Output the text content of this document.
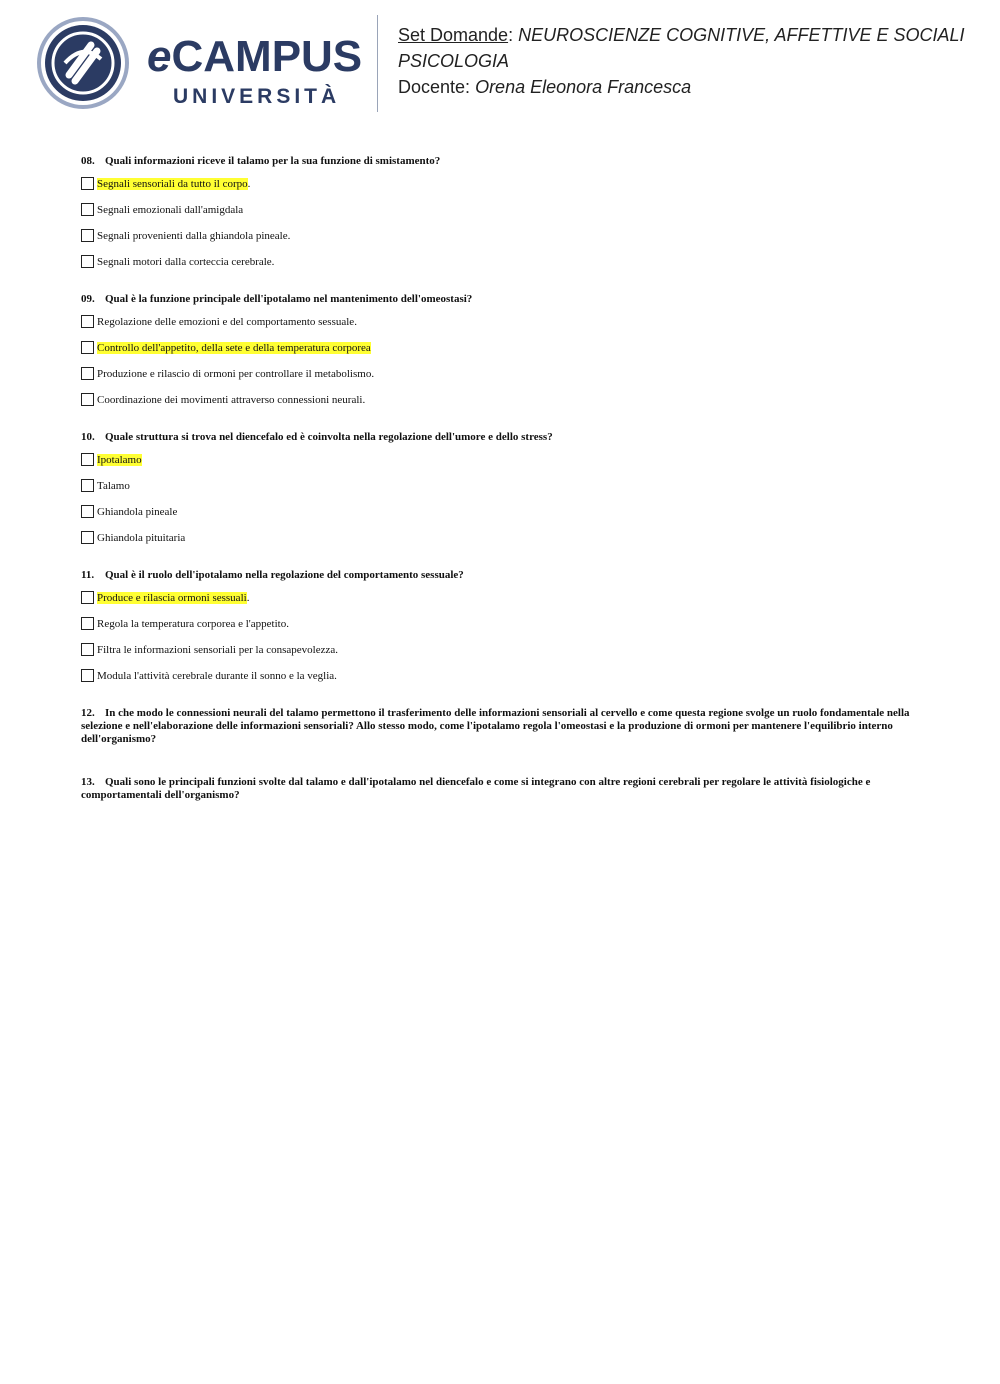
eCAMPUS
UNIVERSITÀ
Set Domande: NEUROSCIENZE COGNITIVE, AFFETTIVE E SOCIALI
PSICOLOGIA
Docente: Orena Eleonora Francesca

08. Quali informazioni riceve il talamo per la sua funzione di smistamento?

Segnali sensoriali da tutto il corpo.
Segnali emozionali dall'amigdala
Segnali provenienti dalla ghiandola pineale.
Segnali motori dalla corteccia cerebrale.

09. Qual è la funzione principale dell'ipotalamo nel mantenimento dell'omeostasi?

Regolazione delle emozioni e del comportamento sessuale.
Controllo dell'appetito, della sete e della temperatura corporea
Produzione e rilascio di ormoni per controllare il metabolismo.
Coordinazione dei movimenti attraverso connessioni neurali.

10. Quale struttura si trova nel diencefalo ed è coinvolta nella regolazione dell'umore e dello stress?

Ipotalamo
Talamo
Ghiandola pineale
Ghiandola pituitaria

11. Qual è il ruolo dell'ipotalamo nella regolazione del comportamento sessuale?

Produce e rilascia ormoni sessuali.
Regola la temperatura corporea e l'appetito.
Filtra le informazioni sensoriali per la consapevolezza.
Modula l'attività cerebrale durante il sonno e la veglia.

12. In che modo le connessioni neurali del talamo permettono il trasferimento delle informazioni sensoriali al cervello e come questa regione svolge un ruolo fondamentale nella selezione e nell'elaborazione delle informazioni sensoriali? Allo stesso modo, come l'ipotalamo regola l'omeostasi e la produzione di ormoni per mantenere l'equilibrio interno dell'organismo?

13. Quali sono le principali funzioni svolte dal talamo e dall'ipotalamo nel diencefalo e come si integrano con altre regioni cerebrali per regolare le attività fisiologiche e comportamentali dell'organismo?
